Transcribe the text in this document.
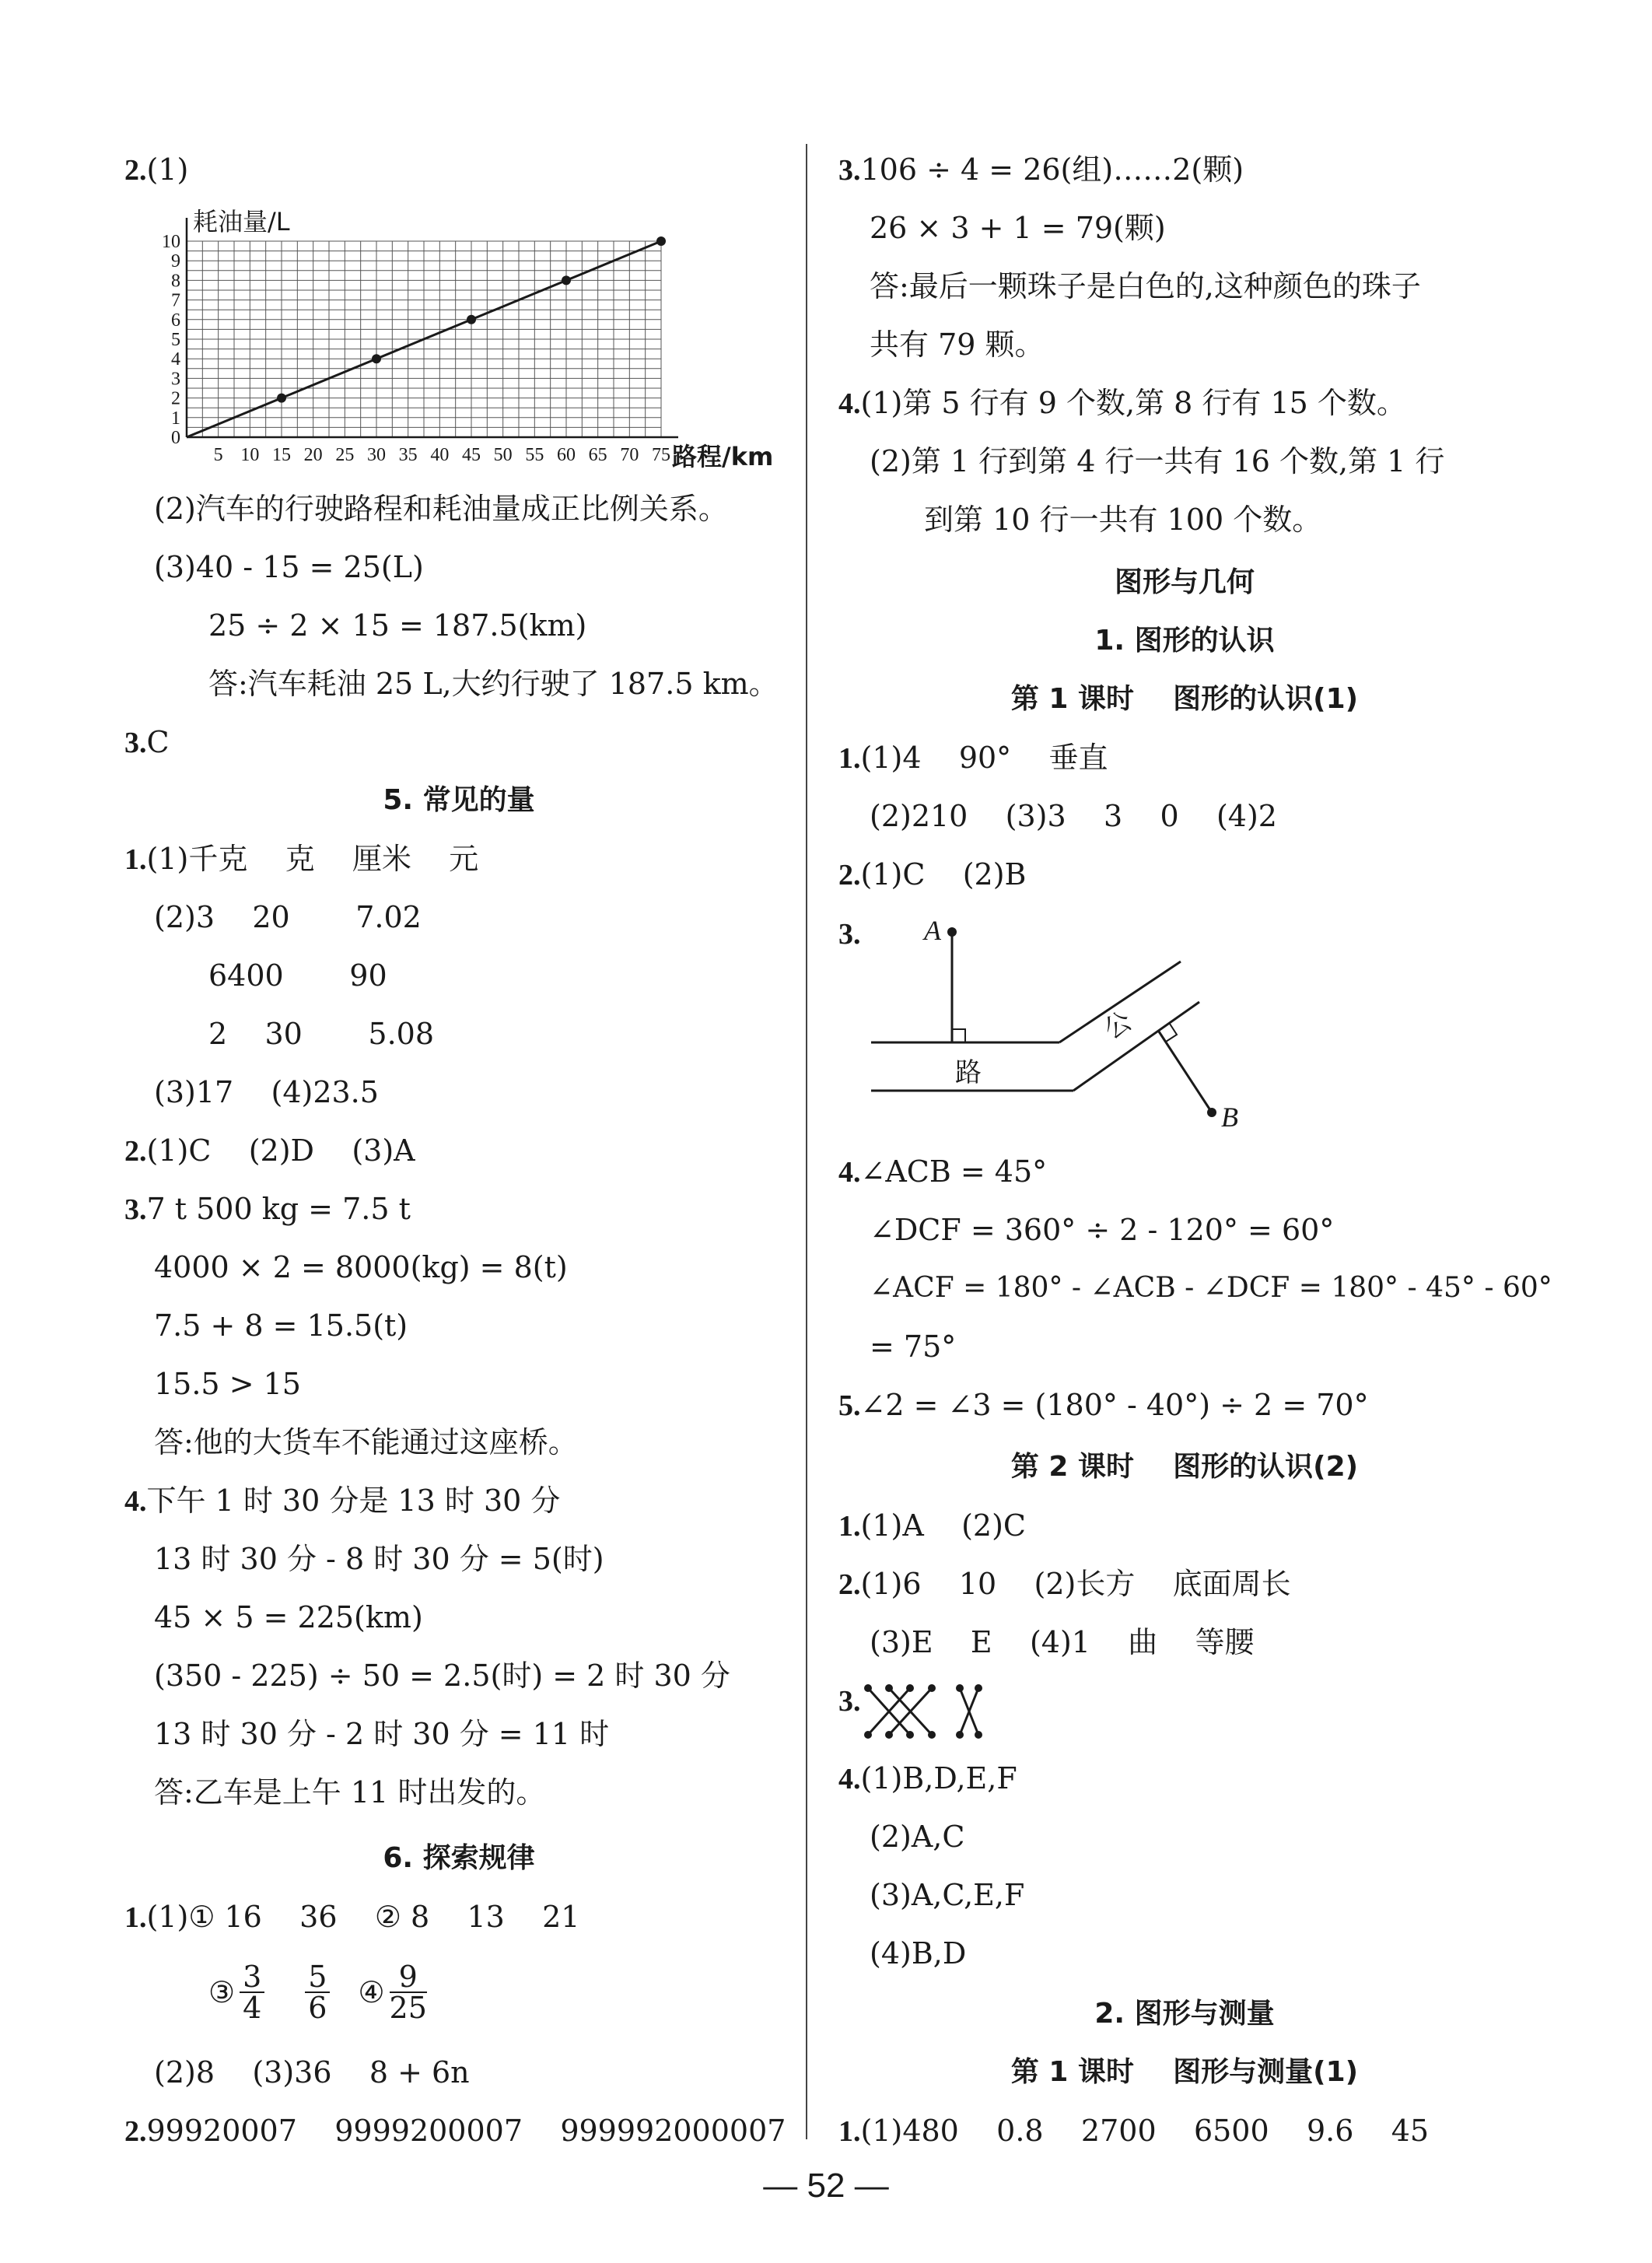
2.(1)
5 10 15 20 25 30 35 40 45 50 55 60 65 70 75
0
1
2
3
4
5
6
7
8
9
10
耗油量/L
路程/km
(2)汽车的行驶路程和耗油量成正比例关系。
(3)40 - 15 = 25(L)
25 ÷ 2 × 15 = 187.5(km)
答:汽车耗油 25 L,大约行驶了 187.5 km。
3.C
5. 常见的量
1.(1)千克    克    厘米    元
(2)3    20       7.02
6400       90
2    30       5.08
(3)17    (4)23.5
2.(1)C    (2)D    (3)A
3.7 t 500 kg = 7.5 t
4000 × 2 = 8000(kg) = 8(t)
7.5 + 8 = 15.5(t)
15.5 > 15
答:他的大货车不能通过这座桥。
4.下午 1 时 30 分是 13 时 30 分
13 时 30 分 - 8 时 30 分 = 5(时)
45 × 5 = 225(km)
(350 - 225) ÷ 50 = 2.5(时) = 2 时 30 分
13 时 30 分 - 2 时 30 分 = 11 时
答:乙车是上午 11 时出发的。
6. 探索规律
1.(1)① 16    36    ② 8    13    21
③ $\frac{3}{4} \frac{5}{6}$ ④ $\frac{9}{25}$
(2)8    (3)36    8 + 6n
2.99920007    9999200007    999992000007
3.106 ÷ 4 = 26(组)……2(颗)
26 × 3 + 1 = 79(颗)
答:最后一颗珠子是白色的,这种颜色的珠子
共有 79 颗。
4.(1)第 5 行有 9 个数,第 8 行有 15 个数。
(2)第 1 行到第 4 行一共有 16 个数,第 1 行
到第 10 行一共有 100 个数。
图形与几何
1. 图形的认识
第 1 课时    图形的认识(1)
1.(1)4    90°    垂直
(2)210    (3)3    3    0    (4)2
2.(1)C    (2)B
3. A
B
路
公
4.∠ACB = 45°
∠DCF = 360° ÷ 2 - 120° = 60°
∠ACF = 180° - ∠ACB - ∠DCF = 180° - 45° - 60°
= 75°
5.∠2 = ∠3 = (180° - 40°) ÷ 2 = 70°
第 2 课时    图形的认识(2)
1.(1)A    (2)C
2.(1)6    10    (2)长方    底面周长
(3)E    E    (4)1    曲    等腰
3.
4.(1)B,D,E,F
(2)A,C
(3)A,C,E,F
(4)B,D
2. 图形与测量
第 1 课时    图形与测量(1)
1.(1)480    0.8    2700    6500    9.6    45
— 52 —
